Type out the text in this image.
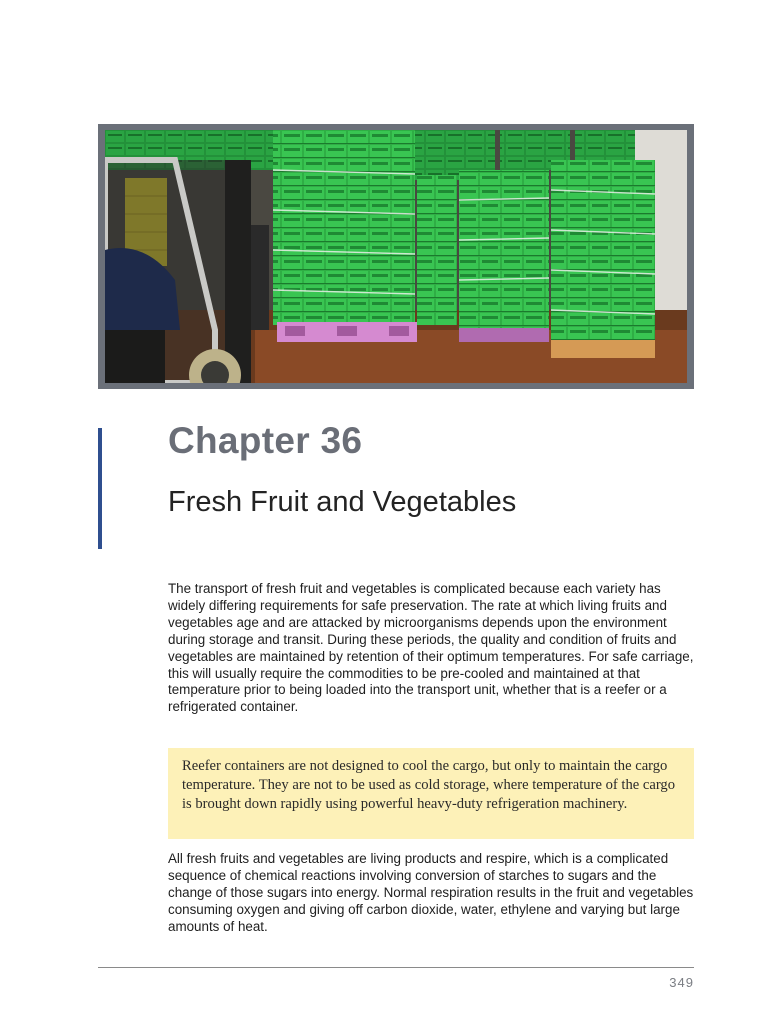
Chapter 36
Fresh Fruit and Vegetables

The transport of fresh fruit and vegetables is complicated because each variety has widely differing requirements for safe preservation. The rate at which living fruits and vegetables age and are attacked by microorganisms depends upon the environment during storage and transit. During these periods, the quality and condition of fruits and vegetables are maintained by retention of their optimum temperatures. For safe carriage, this will usually require the commodities to be pre-cooled and maintained at that temperature prior to being loaded into the transport unit, whether that is a reefer or a refrigerated container.

Reefer containers are not designed to cool the cargo, but only to maintain the cargo temperature. They are not to be used as cold storage, where temperature of the cargo is brought down rapidly using powerful heavy-duty refrigeration machinery.

All fresh fruits and vegetables are living products and respire, which is a complicated sequence of chemical reactions involving conversion of starches to sugars and the change of those sugars into energy. Normal respiration results in the fruit and vegetables consuming oxygen and giving off carbon dioxide, water, ethylene and varying but large amounts of heat.

349
